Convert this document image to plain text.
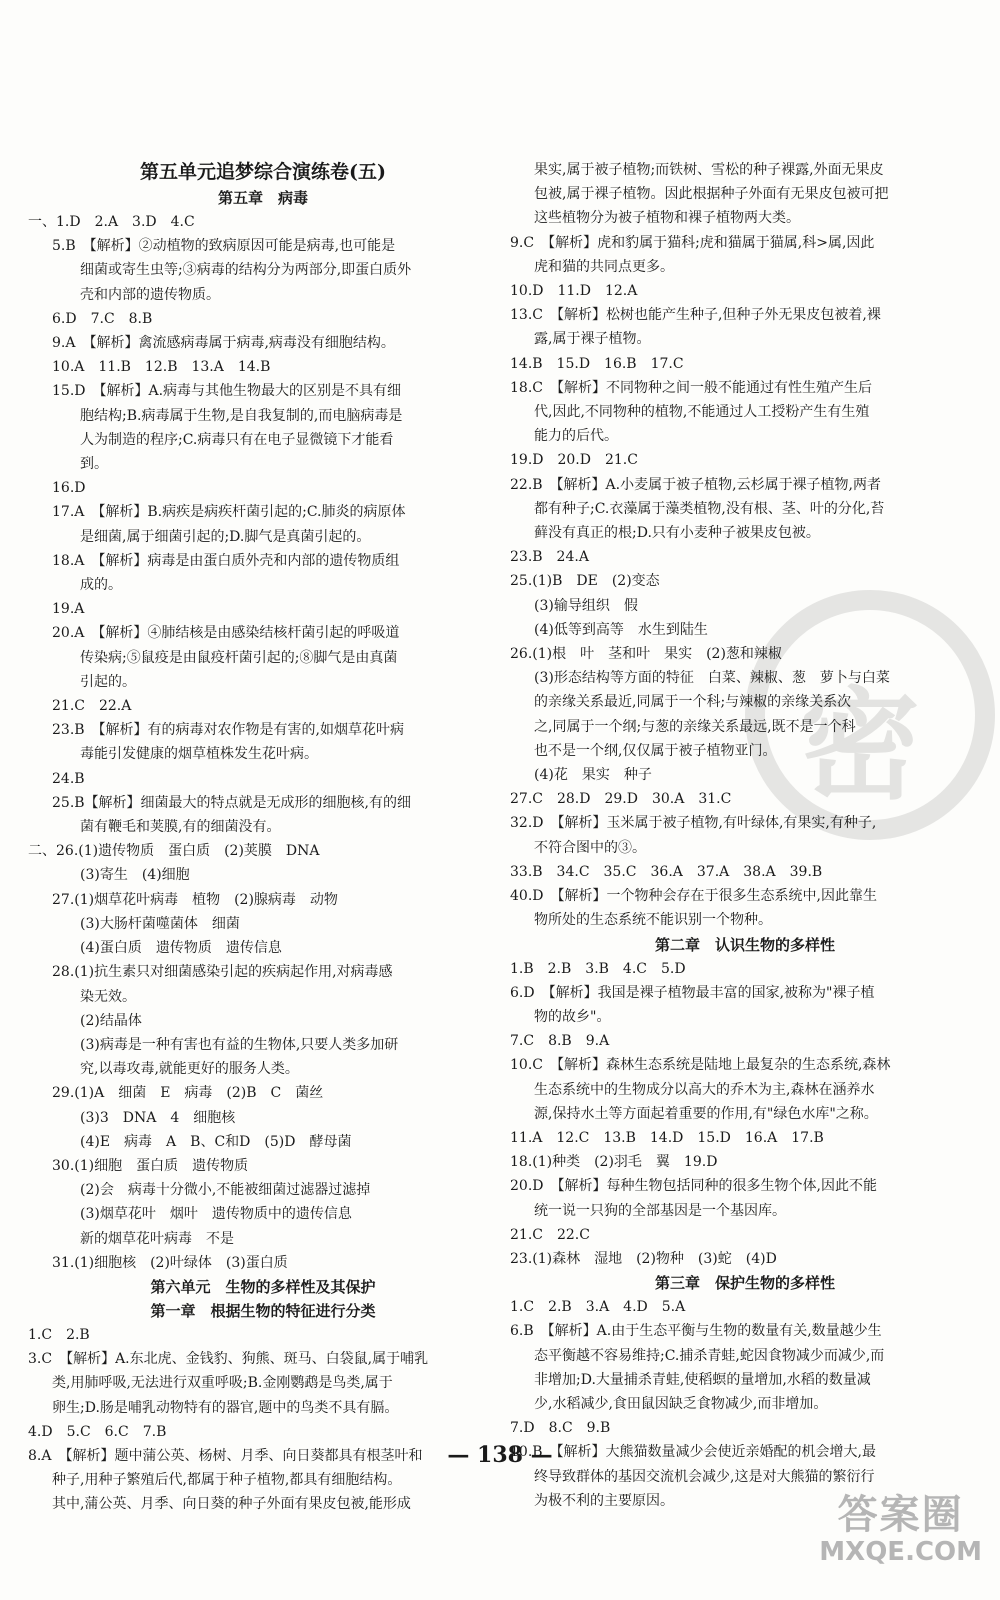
密

第五单元追梦综合演练卷(五)

第五章　病毒

一、1.D　2.A　3.D　4.C

5.B　【解析】②动植物的致病原因可能是病毒,也可能是

细菌或寄生虫等;③病毒的结构分为两部分,即蛋白质外

壳和内部的遗传物质。

6.D　7.C　8.B

9.A　【解析】禽流感病毒属于病毒,病毒没有细胞结构。

10.A　11.B　12.B　13.A　14.B

15.D　【解析】A.病毒与其他生物最大的区别是不具有细

胞结构;B.病毒属于生物,是自我复制的,而电脑病毒是

人为制造的程序;C.病毒只有在电子显微镜下才能看

到。

16.D

17.A　【解析】B.病疾是病疾杆菌引起的;C.肺炎的病原体

是细菌,属于细菌引起的;D.脚气是真菌引起的。

18.A　【解析】病毒是由蛋白质外壳和内部的遗传物质组

成的。

19.A

20.A　【解析】④肺结核是由感染结核杆菌引起的呼吸道

传染病;⑤鼠疫是由鼠疫杆菌引起的;⑧脚气是由真菌

引起的。

21.C　22.A

23.B　【解析】有的病毒对农作物是有害的,如烟草花叶病

毒能引发健康的烟草植株发生花叶病。

24.B

25.B【解析】细菌最大的特点就是无成形的细胞核,有的细

菌有鞭毛和荚膜,有的细菌没有。

二、26.(1)遗传物质　蛋白质　(2)荚膜　DNA

(3)寄生　(4)细胞

27.(1)烟草花叶病毒　植物　(2)腺病毒　动物

(3)大肠杆菌噬菌体　细菌

(4)蛋白质　遗传物质　遗传信息

28.(1)抗生素只对细菌感染引起的疾病起作用,对病毒感

染无效。

(2)结晶体

(3)病毒是一种有害也有益的生物体,只要人类多加研

究,以毒攻毒,就能更好的服务人类。

29.(1)A　细菌　E　病毒　(2)B　C　菌丝

(3)3　DNA　4　细胞核

(4)E　病毒　A　B、C和D　(5)D　酵母菌

30.(1)细胞　蛋白质　遗传物质

(2)会　病毒十分微小,不能被细菌过滤器过滤掉

(3)烟草花叶　烟叶　遗传物质中的遗传信息

新的烟草花叶病毒　不是

31.(1)细胞核　(2)叶绿体　(3)蛋白质

第六单元　生物的多样性及其保护

第一章　根据生物的特征进行分类

1.C　2.B

3.C　【解析】A.东北虎、金钱豹、狗熊、斑马、白袋鼠,属于哺乳

类,用肺呼吸,无法进行双重呼吸;B.金刚鹦鹉是鸟类,属于

卵生;D.肠是哺乳动物特有的器官,题中的鸟类不具有膈。

4.D　5.C　6.C　7.B

8.A　【解析】题中蒲公英、杨树、月季、向日葵都具有根茎叶和

种子,用种子繁殖后代,都属于种子植物,都具有细胞结构。

其中,蒲公英、月季、向日葵的种子外面有果皮包被,能形成

果实,属于被子植物;而铁树、雪松的种子裸露,外面无果皮

包被,属于裸子植物。因此根据种子外面有无果皮包被可把

这些植物分为被子植物和裸子植物两大类。

9.C　【解析】虎和豹属于猫科;虎和猫属于猫属,科>属,因此

虎和猫的共同点更多。

10.D　11.D　12.A

13.C　【解析】松树也能产生种子,但种子外无果皮包被着,裸

露,属于裸子植物。

14.B　15.D　16.B　17.C

18.C　【解析】不同物种之间一般不能通过有性生殖产生后

代,因此,不同物种的植物,不能通过人工授粉产生有生殖

能力的后代。

19.D　20.D　21.C

22.B　【解析】A.小麦属于被子植物,云杉属于裸子植物,两者

都有种子;C.衣藻属于藻类植物,没有根、茎、叶的分化,苔

藓没有真正的根;D.只有小麦种子被果皮包被。

23.B　24.A

25.(1)B　DE　(2)变态

(3)输导组织　假

(4)低等到高等　水生到陆生

26.(1)根　叶　茎和叶　果实　(2)葱和辣椒

(3)形态结构等方面的特征　白菜、辣椒、葱　萝卜与白菜

的亲缘关系最近,同属于一个科;与辣椒的亲缘关系次

之,同属于一个纲;与葱的亲缘关系最远,既不是一个科

也不是一个纲,仅仅属于被子植物亚门。

(4)花　果实　种子

27.C　28.D　29.D　30.A　31.C

32.D　【解析】玉米属于被子植物,有叶绿体,有果实,有种子,

不符合图中的③。

33.B　34.C　35.C　36.A　37.A　38.A　39.B

40.D　【解析】一个物种会存在于很多生态系统中,因此靠生

物所处的生态系统不能识别一个物种。

第二章　认识生物的多样性

1.B　2.B　3.B　4.C　5.D

6.D　【解析】我国是裸子植物最丰富的国家,被称为"裸子植

物的故乡"。

7.C　8.B　9.A

10.C　【解析】森林生态系统是陆地上最复杂的生态系统,森林

生态系统中的生物成分以高大的乔木为主,森林在涵养水

源,保持水土等方面起着重要的作用,有"绿色水库"之称。

11.A　12.C　13.B　14.D　15.D　16.A　17.B

18.(1)种类　(2)羽毛　翼　19.D

20.D　【解析】每种生物包括同种的很多生物个体,因此不能

统一说一只狗的全部基因是一个基因库。

21.C　22.C

23.(1)森林　湿地　(2)物种　(3)蛇　(4)D

第三章　保护生物的多样性

1.C　2.B　3.A　4.D　5.A

6.B　【解析】A.由于生态平衡与生物的数量有关,数量越少生

态平衡越不容易维持;C.捕杀青蛙,蛇因食物减少而减少,而

非增加;D.大量捕杀青蛙,使稻螟的量增加,水稻的数量减

少,水稻减少,食田鼠因缺乏食物减少,而非增加。

7.D　8.C　9.B

10.B　【解析】大熊猫数量减少会使近亲婚配的机会增大,最

终导致群体的基因交流机会减少,这是对大熊猫的繁衍行

为极不利的主要原因。

— 138 —
答案圈
MXQE.COM
